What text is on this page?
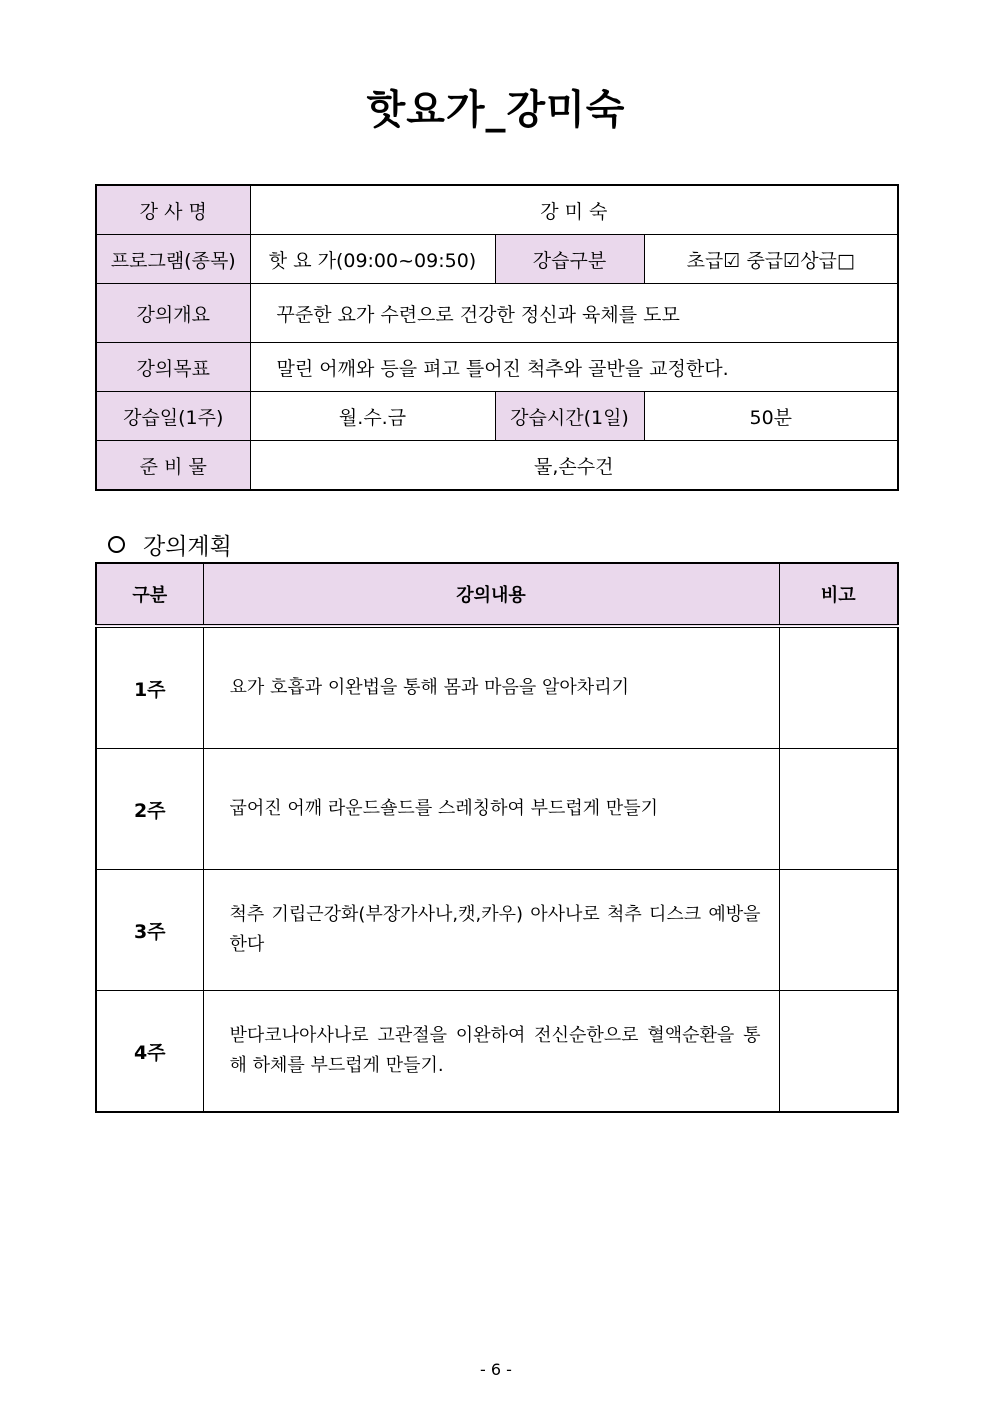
핫요가_강미숙
강 사 명	강 미 숙		
프로그램(종목)	핫 요 가(09:00~09:50)	강습구분	초급☑ 중급☑상급□
강의개요	꾸준한 요가 수련으로 건강한 정신과 육체를 도모		
강의목표	말린 어깨와 등을 펴고 틀어진 척추와 골반을 교정한다.		
강습일(1주)	월.수.금	강습시간(1일)	50분
준 비 물	물,손수건		
강의계획
구분	강의내용	비고
1주	요가 호흡과 이완법을 통해 몸과 마음을 알아차리기	
2주	굽어진 어깨 라운드숄드를 스레칭하여 부드럽게 만들기	
3주	척추 기립근강화(부장가사나,캣,카우) 아사나로 척추 디스크 예방을 한다	
4주	받다코나아사나로 고관절을 이완하여 전신순한으로 혈액순환을 통해 하체를 부드럽게 만들기.	
- 6 -
